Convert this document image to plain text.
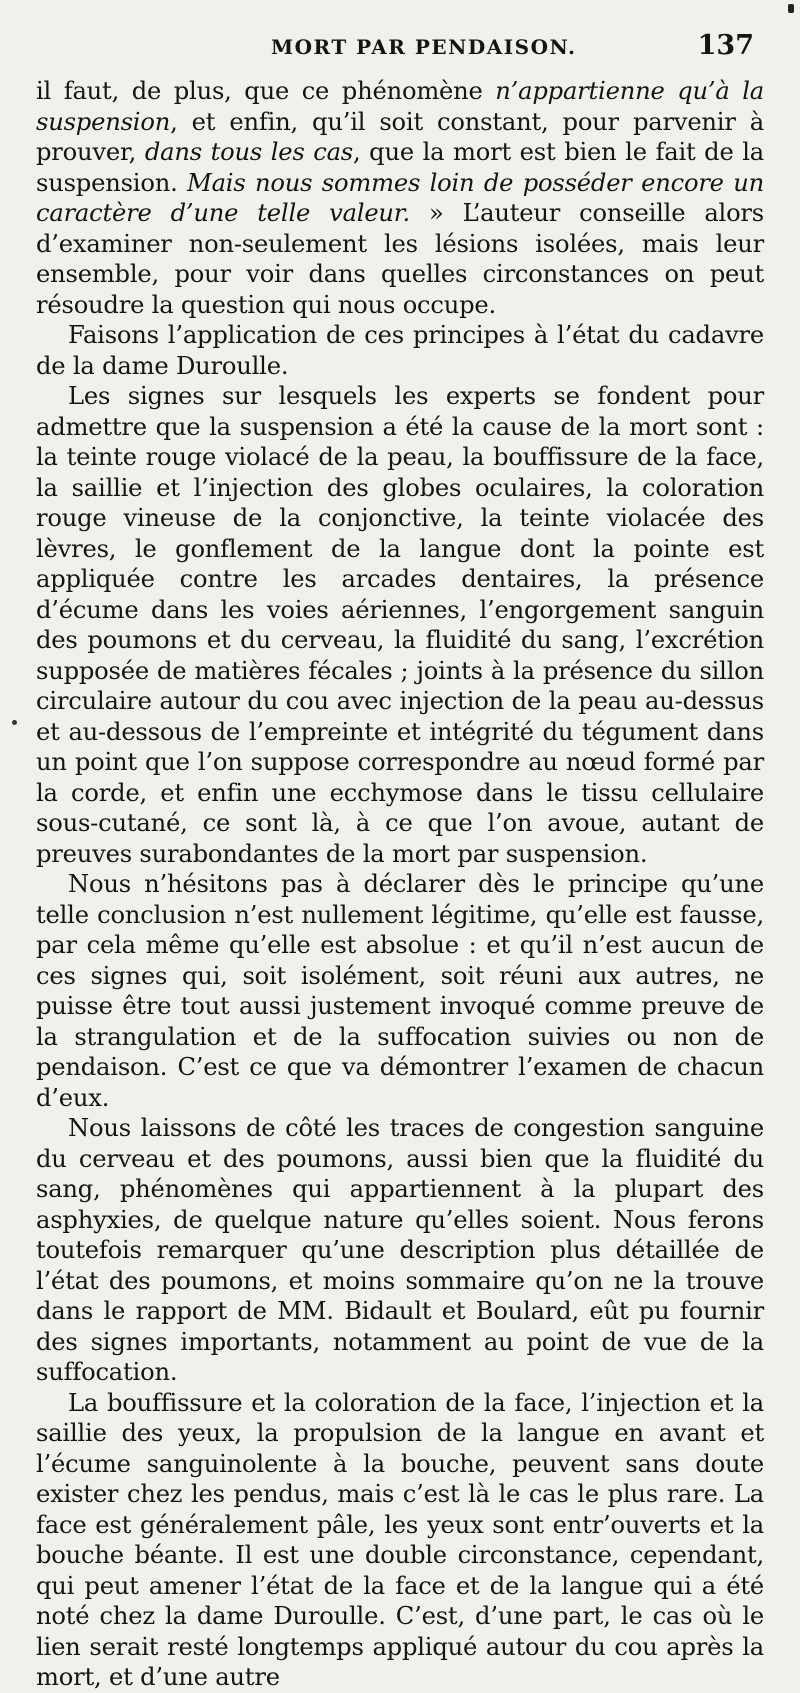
MORT PAR PENDAISON.	137

il faut, de plus, que ce phénomène n’appartienne qu’à la suspension, et enfin, qu’il soit constant, pour parvenir à prouver, dans tous les cas, que la mort est bien le fait de la suspension. Mais nous sommes loin de posséder encore un caractère d’une telle valeur. » L’auteur conseille alors d’examiner non-seulement les lésions isolées, mais leur ensemble, pour voir dans quelles circonstances on peut résoudre la question qui nous occupe.

Faisons l’application de ces principes à l’état du cadavre de la dame Duroulle.

Les signes sur lesquels les experts se fondent pour admettre que la suspension a été la cause de la mort sont : la teinte rouge violacé de la peau, la bouffissure de la face, la saillie et l’injection des globes oculaires, la coloration rouge vineuse de la conjonctive, la teinte violacée des lèvres, le gonflement de la langue dont la pointe est appliquée contre les arcades dentaires, la présence d’écume dans les voies aériennes, l’engorgement sanguin des poumons et du cerveau, la fluidité du sang, l’excrétion supposée de matières fécales ; joints à la présence du sillon circulaire autour du cou avec injection de la peau au-dessus et au-dessous de l’empreinte et intégrité du tégument dans un point que l’on suppose correspondre au nœud formé par la corde, et enfin une ecchymose dans le tissu cellulaire sous-cutané, ce sont là, à ce que l’on avoue, autant de preuves surabondantes de la mort par suspension.

Nous n’hésitons pas à déclarer dès le principe qu’une telle conclusion n’est nullement légitime, qu’elle est fausse, par cela même qu’elle est absolue : et qu’il n’est aucun de ces signes qui, soit isolément, soit réuni aux autres, ne puisse être tout aussi justement invoqué comme preuve de la strangulation et de la suffocation suivies ou non de pendaison. C’est ce que va démontrer l’examen de chacun d’eux.

Nous laissons de côté les traces de congestion sanguine du cerveau et des poumons, aussi bien que la fluidité du sang, phénomènes qui appartiennent à la plupart des asphyxies, de quelque nature qu’elles soient. Nous ferons toutefois remarquer qu’une description plus détaillée de l’état des poumons, et moins sommaire qu’on ne la trouve dans le rapport de MM. Bidault et Boulard, eût pu fournir des signes importants, notamment au point de vue de la suffocation.

La bouffissure et la coloration de la face, l’injection et la saillie des yeux, la propulsion de la langue en avant et l’écume sanguinolente à la bouche, peuvent sans doute exister chez les pendus, mais c’est là le cas le plus rare. La face est généralement pâle, les yeux sont entr’ouverts et la bouche béante. Il est une double circonstance, cependant, qui peut amener l’état de la face et de la langue qui a été noté chez la dame Duroulle. C’est, d’une part, le cas où le lien serait resté longtemps appliqué autour du cou après la mort, et d’une autre
